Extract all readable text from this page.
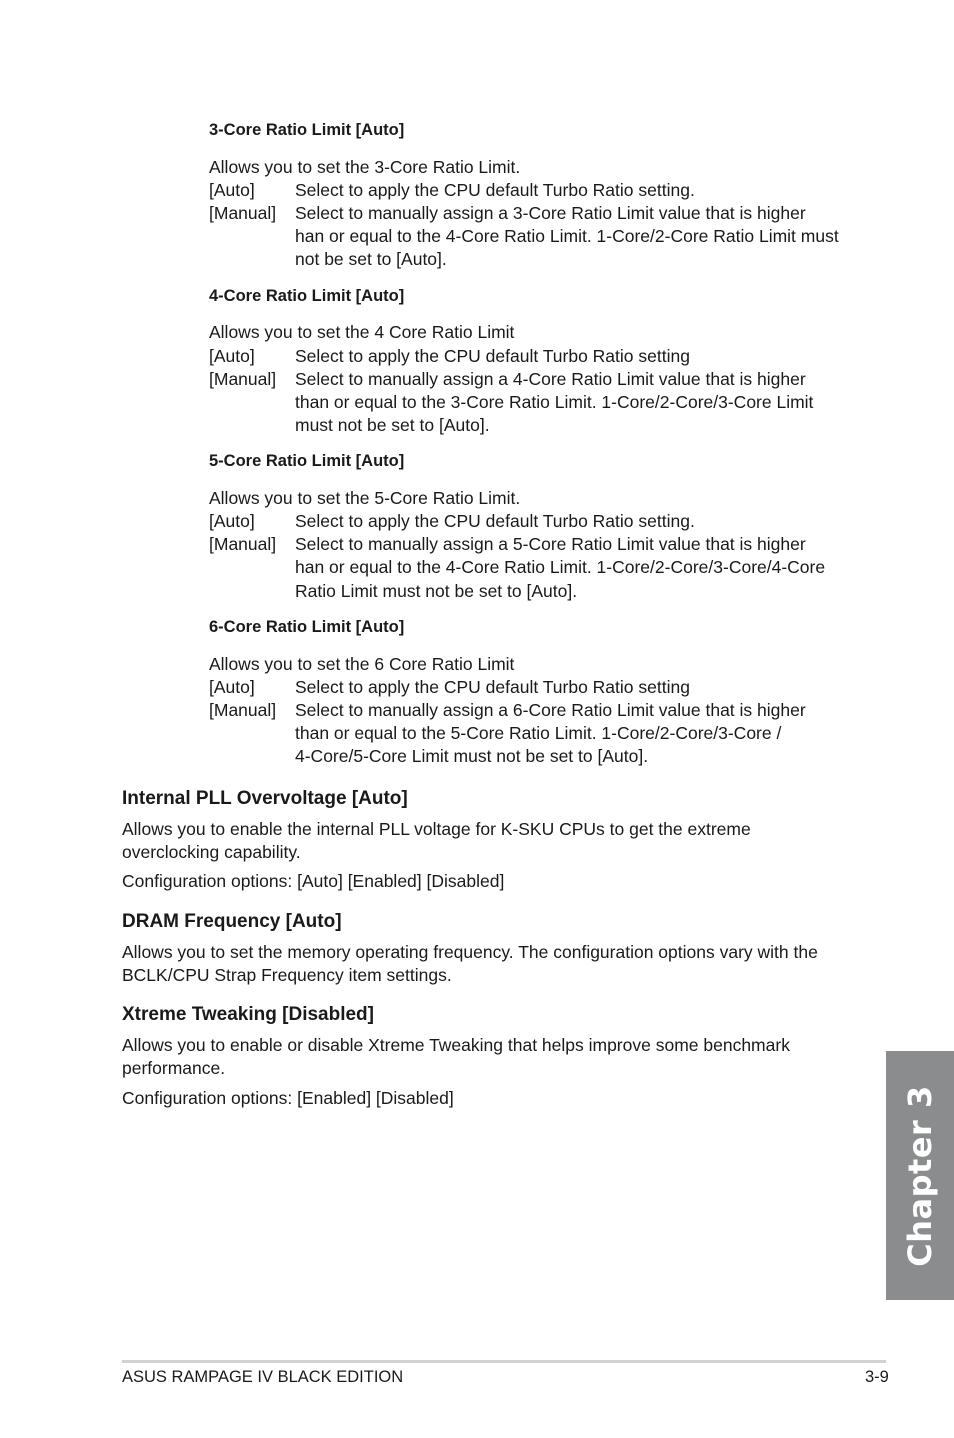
3-Core Ratio Limit [Auto]
Allows you to set the 3-Core Ratio Limit.
[Auto] Select to apply the CPU default Turbo Ratio setting.
[Manual] Select to manually assign a 3-Core Ratio Limit value that is higher
han or equal to the 4-Core Ratio Limit. 1-Core/2-Core Ratio Limit must
not be set to [Auto].
4-Core Ratio Limit [Auto]
Allows you to set the 4 Core Ratio Limit
[Auto] Select to apply the CPU default Turbo Ratio setting
[Manual] Select to manually assign a 4-Core Ratio Limit value that is higher
than or equal to the 3-Core Ratio Limit. 1-Core/2-Core/3-Core Limit
must not be set to [Auto].
5-Core Ratio Limit [Auto]
Allows you to set the 5-Core Ratio Limit.
[Auto] Select to apply the CPU default Turbo Ratio setting.
[Manual] Select to manually assign a 5-Core Ratio Limit value that is higher
han or equal to the 4-Core Ratio Limit. 1-Core/2-Core/3-Core/4-Core
Ratio Limit must not be set to [Auto].
6-Core Ratio Limit [Auto]
Allows you to set the 6 Core Ratio Limit
[Auto] Select to apply the CPU default Turbo Ratio setting
[Manual] Select to manually assign a 6-Core Ratio Limit value that is higher
than or equal to the 5-Core Ratio Limit. 1-Core/2-Core/3-Core /
4-Core/5-Core Limit must not be set to [Auto].
Internal PLL Overvoltage [Auto]
Allows you to enable the internal PLL voltage for K-SKU CPUs to get the extreme
overclocking capability.
Configuration options: [Auto] [Enabled] [Disabled]
DRAM Frequency [Auto]
Allows you to set the memory operating frequency. The configuration options vary with the
BCLK/CPU Strap Frequency item settings.
Xtreme Tweaking [Disabled]
Allows you to enable or disable Xtreme Tweaking that helps improve some benchmark
performance.
Configuration options: [Enabled] [Disabled]	Chapter 3
ASUS RAMPAGE IV BLACK EDITION	3-9
